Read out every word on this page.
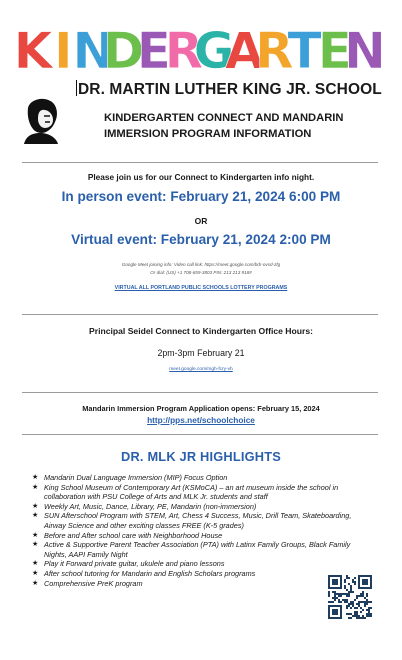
K I N
D
E
R
G
A
R
T
E
N
DR. MARTIN LUTHER KING JR. SCHOOL
KINDERGARTEN CONNECT AND MANDARIN
IMMERSION PROGRAM INFORMATION
Please join us for our Connect to Kindergarten info night.
In person event: February 21, 2024 6:00 PM
OR
Virtual event: February 21, 2024 2:00 PM
Google Meet joining info: Video call link: https://meet.google.com/bdr-ovsd-zfg
Or dial: (US) +1 708-659-3803 PIN: 213 213 918#
VIRTUAL ALL PORTLAND PUBLIC SCHOOLS LOTTERY PROGRAMS
Principal Seidel Connect to Kindergarten Office Hours:
2pm-3pm February 21
meet.google.com/mgh-fcry-vh
Mandarin Immersion Program Application opens: February 15, 2024
http://pps.net/schoolchoice
DR. MLK JR HIGHLIGHTS
★ Mandarin Dual Language Immersion (MIP) Focus Option
★ King School Museum of Contemporary Art (KSMoCA) – an art museum inside the school in collaboration with PSU College of Arts and MLK Jr. students and staff
★ Weekly Art, Music, Dance, Library, PE, Mandarin (non-immersion)
★ SUN Afterschool Program with STEM, Art, Chess 4 Success, Music, Drill Team, Skateboarding, Airway Science and other exciting classes FREE (K-5 grades)
★ Before and After school care with Neighborhood House
★ Active & Supportive Parent Teacher Association (PTA) with Latinx Family Groups, Black Family Nights, AAPI Family Night
★ Play it Forward private guitar, ukulele and piano lessons
★ After school tutoring for Mandarin and English Scholars programs
★ Comprehensive PreK program
